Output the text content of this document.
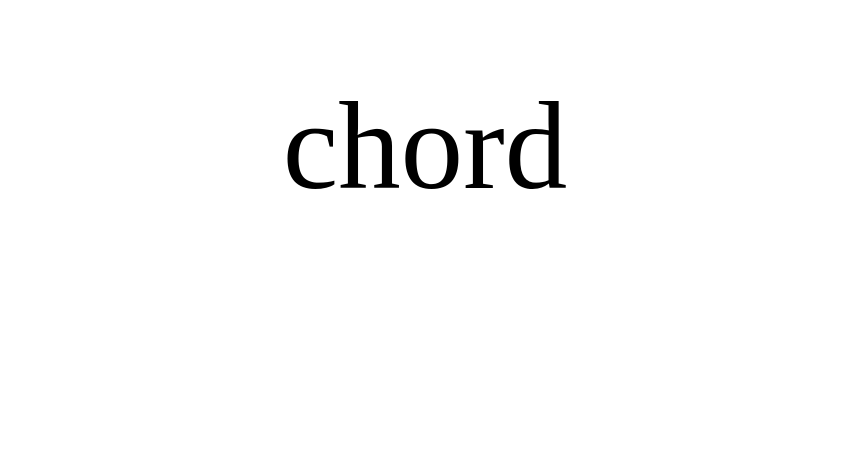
chord
